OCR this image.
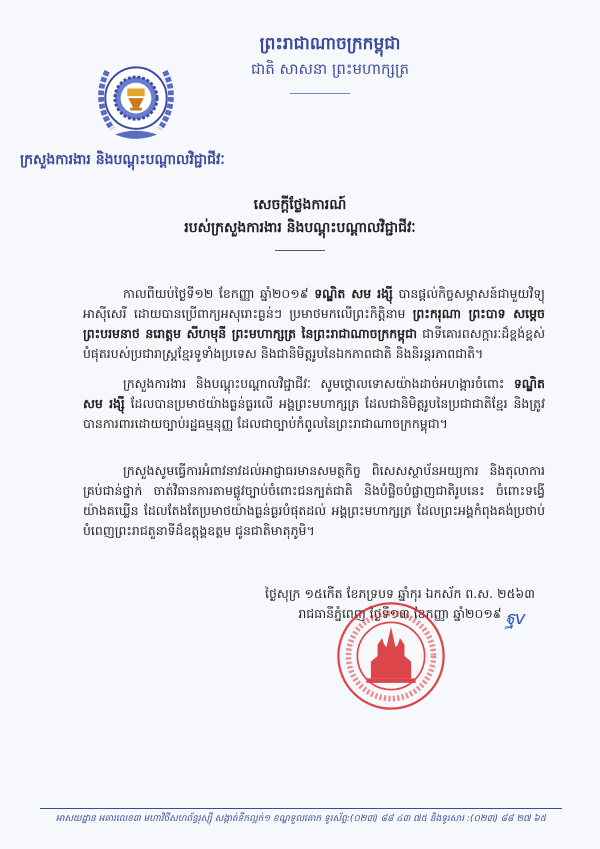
ព្រះរាជាណាចក្រកម្ពុជា
ជាតិ សាសនា ព្រះមហាក្សត្រ
ក្រសួងការងារ និងបណ្តុះបណ្តាលវិជ្ជាជីវៈ
សេចក្តីថ្លែងការណ៍
របស់ក្រសួងការងារ និងបណ្តុះបណ្តាលវិជ្ជាជីវៈ
កាលពីយប់ថ្ងៃទី១២ ខែកញ្ញា ឆ្នាំ២០១៩ ទណ្ឌិត សម រង្ស៊ី បានផ្តល់កិច្ចសម្ភាសន៍ជាមួយវិទ្យុអាស៊ីសេរី ដោយបានប្រើពាក្យអសុរោះធ្ងន់ៗ ប្រមាថមកលើព្រះកិត្តិនាម ព្រះករុណា ព្រះបាទ សម្តេចព្រះបរមនាថ នរោត្តម សីហមុនី ព្រះមហាក្សត្រ នៃព្រះរាជាណាចក្រកម្ពុជា ជាទីគោរពសក្ការៈដ៏ខ្ពង់ខ្ពស់បំផុតរបស់ប្រជារាស្ត្រខ្មែរទូទាំងប្រទេស និងជានិមិត្តរូបនៃឯកភាពជាតិ និងនិរន្តរភាពជាតិ។
ក្រសួងការងារ និងបណ្តុះបណ្តាលវិជ្ជាជីវៈ សូមថ្កោលទោសយ៉ាងដាច់អហង្ការចំពោះ ទណ្ឌិត សម រង្ស៊ី ដែលបានប្រមាថយ៉ាងធ្ងន់ធ្ងរលើ អង្គព្រះមហាក្សត្រ ដែលជានិមិត្តរូបនៃប្រជាជាតិខ្មែរ និងត្រូវបានការពារដោយច្បាប់រដ្ឋធម្មនុញ្ញ ដែលជាច្បាប់កំពូលនៃព្រះរាជាណាចក្រកម្ពុជា។
ក្រសួងសូមធ្វើការអំពាវនាវដល់អាជ្ញាធរមានសមត្ថកិច្ច ពិសេសស្ថាប័នអយ្យការ និងតុលាការគ្រប់ជាន់ថ្នាក់ ចាត់វិធានការតាមផ្លូវច្បាប់ចំពោះជនក្បត់ជាតិ និងបំផ្លិចបំផ្លាញជាតិរូបនេះ ចំពោះទង្វើយ៉ាងគឃ្លើន ដែលតែងតែប្រមាថយ៉ាងធ្ងន់ធ្ងរបំផុតដល់ អង្គព្រះមហាក្សត្រ ដែលព្រះអង្គកំពុងគង់ប្រថាប់ បំពេញព្រះរាជតួនាទីដ៏ឧត្តុង្គឧត្តម ជូនជាតិមាតុភូមិ។
ថ្ងៃសុក្រ ១៥កើត ខែភទ្របទ ឆ្នាំកុរ ឯកស័ក ព.ស. ២៥៦៣
រាជធានីភ្នំពេញ ថ្ងៃទី១៣ ខែកញ្ញា ឆ្នាំ២០១៩ ฐv
អាសយដ្ឋាន អគារលេខ៣ មហាវិថីសហព័ន្ធរុស្ស៊ី សង្កាត់ទឹកល្អក់១ ខណ្ឌទួលគោក ទូរស័ព្ទ:(០២៣) ៨៨ ៤៣ ៧៥ និងទូរសារ :(០២៣) ៨៨ ២៧ ៦៥
